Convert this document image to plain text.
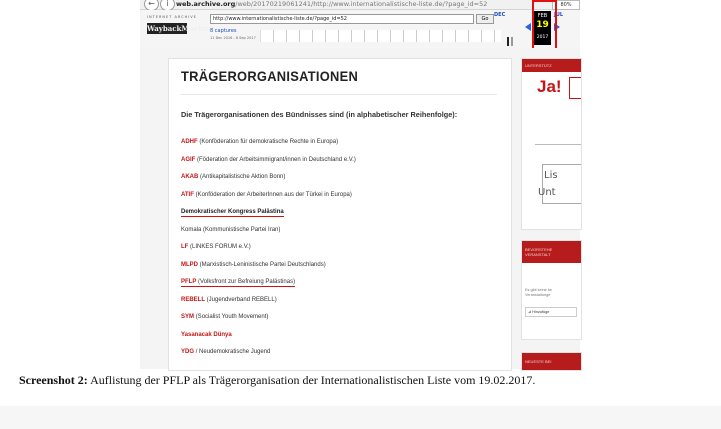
←	i	web.archive.org/web/20170219061241/http://www.internationalistische-liste.de/?page_id=52	80%
INTERNET ARCHIVE
WaybackMachine
http://www.internationalistische-liste.de/?page_id=52	Go
8 captures
11 Dec 2016 - 8 Sep 2017
DEC	FEB
19
2017
JUL
TRÄGERORGANISATIONEN
Die Trägerorganisationen des Bündnisses sind (in alphabetischer Reihenfolge):
ADHF (Konföderation für demokratische Rechte in Europa)
AGIF (Föderation der Arbeitsimmigrant/innen in Deutschland e.V.)
AKAB (Antikapitalistische Aktion Bonn)
ATIF (Konföderation der ArbeiterInnen aus der Türkei in Europa)
Demokratischer Kongress Palästina
Komala (Kommunistische Partei Iran)
LF (LINKES FORUM e.V.)
MLPD (Marxistisch-Leninistische Partei Deutschlands)
PFLP (Volksfront zur Befreiung Palästinas)
REBELL (Jugendverband REBELL)
SYM (Socialist Youth Movement)
Yasanacak Dünya
YDG / Neudemokratische Jugend
UNTERSTÜTZ
Ja!
Lis
Unt
BEVORSTEHE
VERANSTALT
Es gibt keine be
Veranstaltunge
⊿ Hinzufüge
NEUESTE BEI
Screenshot 2: Auflistung der PFLP als Trägerorganisation der Internationalistischen Liste vom 19.02.2017.
